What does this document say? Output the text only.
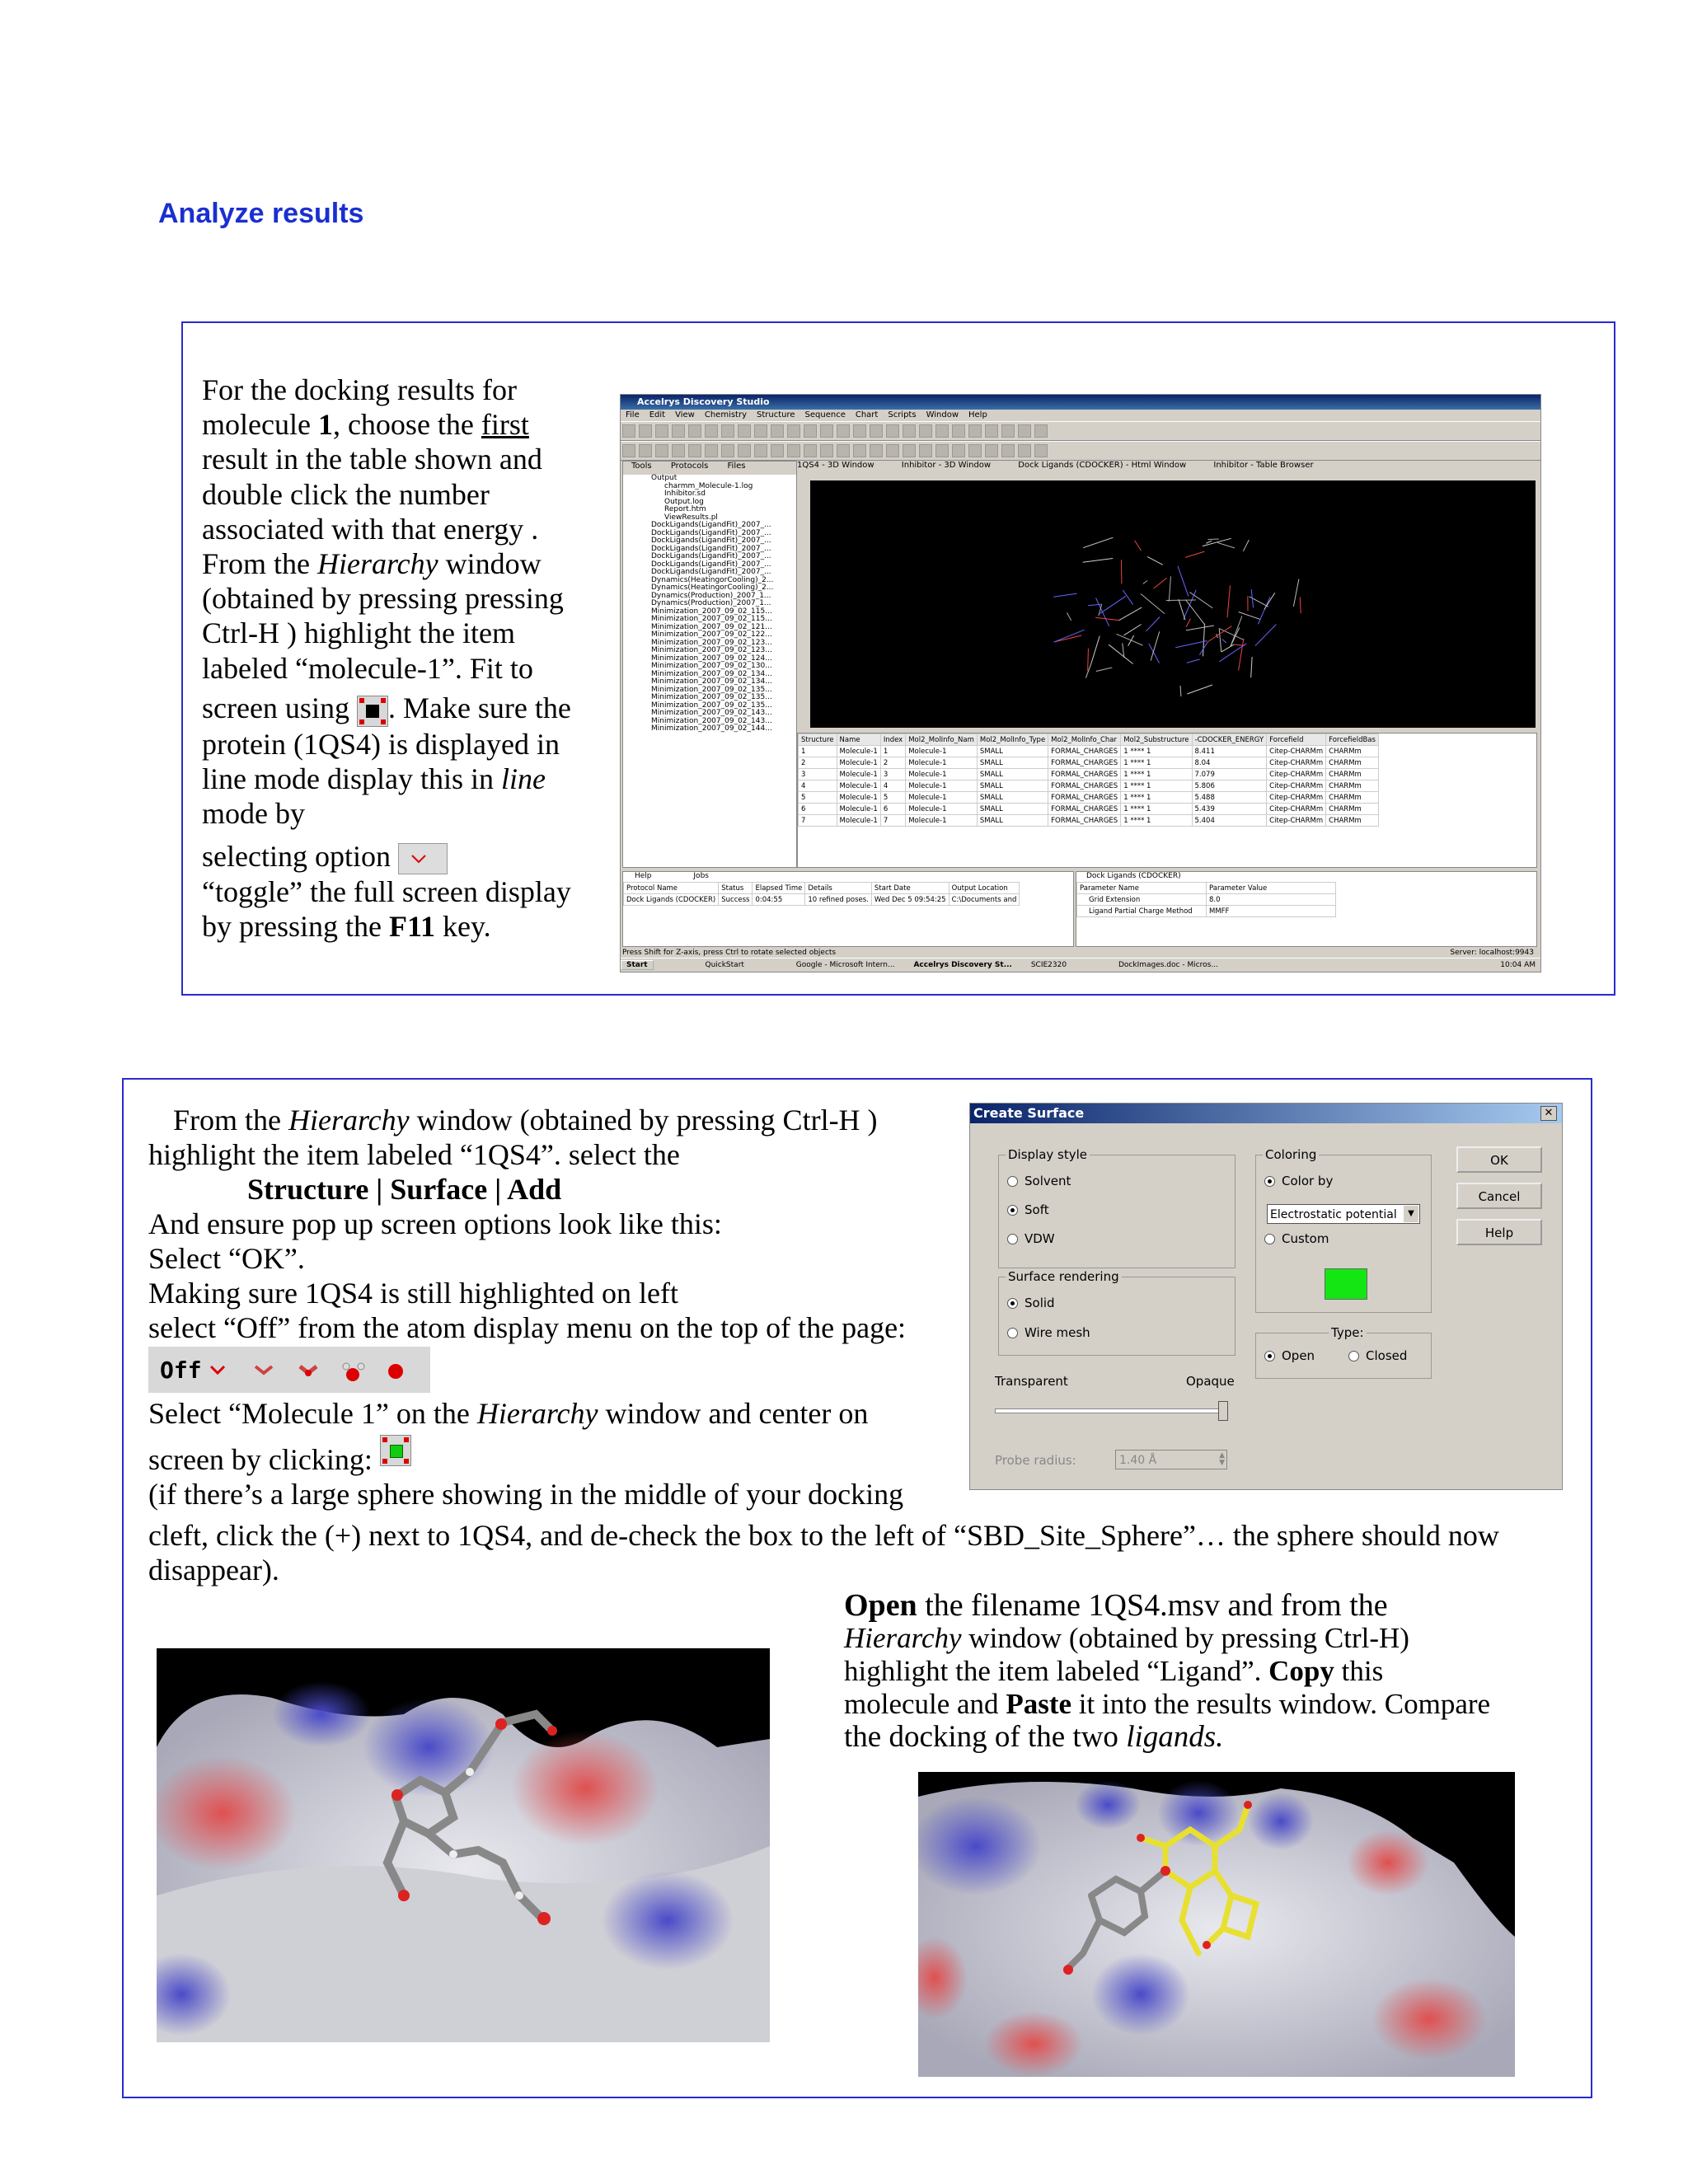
Analyze results

For the docking results for molecule 1, choose the first result in the table shown and double click the number associated with that energy . From the Hierarchy window (obtained by pressing pressing Ctrl-H ) highlight the item labeled “molecule-1”. Fit to

screen using . Make sure the protein (1QS4) is displayed in line mode display this in line mode by

selecting option
“toggle” the full screen display by pressing the F11 key.

Accelrys Discovery Studio
File Edit View Chemistry Structure Sequence Chart Scripts Window Help
Tools Protocols Files
Output
charmm_Molecule-1.log
Inhibitor.sd
Output.log
Report.htm
ViewResults.pl
DockLigands(LigandFit)_2007_...
DockLigands(LigandFit)_2007_...
DockLigands(LigandFit)_2007_...
DockLigands(LigandFit)_2007_...
DockLigands(LigandFit)_2007_...
DockLigands(LigandFit)_2007_...
DockLigands(LigandFit)_2007_...
Dynamics(HeatingorCooling)_2...
Dynamics(HeatingorCooling)_2...
Dynamics(Production)_2007_1...
Dynamics(Production)_2007_1...
Minimization_2007_09_02_115...
Minimization_2007_09_02_115...
Minimization_2007_09_02_121...
Minimization_2007_09_02_122...
Minimization_2007_09_02_123...
Minimization_2007_09_02_123...
Minimization_2007_09_02_124...
Minimization_2007_09_02_130...
Minimization_2007_09_02_134...
Minimization_2007_09_02_134...
Minimization_2007_09_02_135...
Minimization_2007_09_02_135...
Minimization_2007_09_02_135...
Minimization_2007_09_02_143...
Minimization_2007_09_02_143...
Minimization_2007_09_02_144...
1QS4 - 3D Window	Inhibitor - 3D Window	Dock Ligands (CDOCKER) - Html Window	Inhibitor - Table Browser
Structure	Name	Index	Mol2_MolInfo_Nam	Mol2_MolInfo_Type	Mol2_MolInfo_Char	Mol2_Substructure	-CDOCKER_ENERGY	Forcefield	ForcefieldBas
1	Molecule-1	1	Molecule-1	SMALL	FORMAL_CHARGES	1 **** 1	8.411	Citep-CHARMm	CHARMm
2	Molecule-1	2	Molecule-1	SMALL	FORMAL_CHARGES	1 **** 1	8.04	Citep-CHARMm	CHARMm
3	Molecule-1	3	Molecule-1	SMALL	FORMAL_CHARGES	1 **** 1	7.079	Citep-CHARMm	CHARMm
4	Molecule-1	4	Molecule-1	SMALL	FORMAL_CHARGES	1 **** 1	5.806	Citep-CHARMm	CHARMm
5	Molecule-1	5	Molecule-1	SMALL	FORMAL_CHARGES	1 **** 1	5.488	Citep-CHARMm	CHARMm
6	Molecule-1	6	Molecule-1	SMALL	FORMAL_CHARGES	1 **** 1	5.439	Citep-CHARMm	CHARMm
7	Molecule-1	7	Molecule-1	SMALL	FORMAL_CHARGES	1 **** 1	5.404	Citep-CHARMm	CHARMm
Help	Jobs
Protocol Name	Status	Elapsed Time	Details	Start Date	Output Location
Dock Ligands (CDOCKER)	Success	0:04:55	10 refined poses.	Wed Dec 5 09:54:25	C:\Documents and
Dock Ligands (CDOCKER)
Parameter Name	Parameter Value
Grid Extension	8.0
Ligand Partial Charge Method	MMFF
Press Shift for Z-axis, press Ctrl to rotate selected objects	Server: localhost:9943
Start	QuickStart	Google - Microsoft Intern...	Accelrys Discovery St...	SCIE2320	DockImages.doc - Micros...	10:04 AM

From the Hierarchy window (obtained by pressing Ctrl-H )

highlight the item labeled “1QS4”. select the

Structure | Surface | Add

And ensure pop up screen options look like this:

Select “OK”.

Making sure 1QS4 is still highlighted on left

select “Off” from the atom display menu on the top of the page:

Off

Select “Molecule 1” on the Hierarchy window and center on

screen by clicking:

(if there’s a large sphere showing in the middle of your docking

cleft, click the (+) next to 1QS4, and de-check the box to the left of “SBD_Site_Sphere”… the sphere should now

disappear).

Create Surface	✕
Display style
Solvent
Soft
VDW
Surface rendering
Solid
Wire mesh
Coloring
Color by
Custom
Electrostatic potential	▼
Type:
Open	Closed
Transparent	Opaque
Probe radius:	1.40 Å	▲
▼
OK
Cancel
Help

Open the filename 1QS4.msv and from the

Hierarchy window (obtained by pressing Ctrl-H)

highlight the item labeled “Ligand”. Copy this

molecule and Paste it into the results window. Compare

the docking of the two ligands.
